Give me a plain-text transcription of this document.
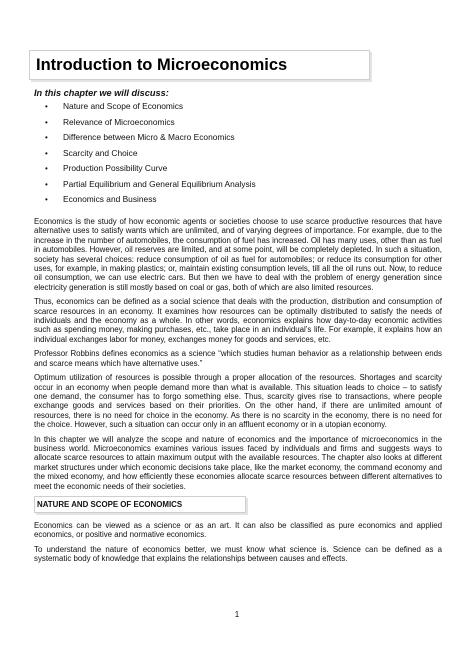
Introduction to Microeconomics
In this chapter we will discuss:
• Nature and Scope of Economics
• Relevance of Microeconomics
• Difference between Micro & Macro Economics
• Scarcity and Choice
• Production Possibility Curve
• Partial Equilibrium and General Equilibrium Analysis
• Economics and Business

Economics is the study of how economic agents or societies choose to use scarce productive resources that have alternative uses to satisfy wants which are unlimited, and of varying degrees of importance. For example, due to the increase in the number of automobiles, the consumption of fuel has increased. Oil has many uses, other than as fuel in automobiles. However, oil reserves are limited, and at some point, will be completely depleted. In such a situation, society has several choices: reduce consumption of oil as fuel for automobiles; or reduce its consumption for other uses, for example, in making plastics; or, maintain existing consumption levels, till all the oil runs out. Now, to reduce oil consumption, we can use electric cars. But then we have to deal with the problem of energy generation since electricity generation is still mostly based on coal or gas, both of which are also limited resources.

Thus, economics can be defined as a social science that deals with the production, distribution and consumption of scarce resources in an economy. It examines how resources can be optimally distributed to satisfy the needs of individuals and the economy as a whole. In other words, economics explains how day-to-day economic activities such as spending money, making purchases, etc., take place in an individual’s life. For example, it explains how an individual exchanges labor for money, exchanges money for goods and services, etc.

Professor Robbins defines economics as a science “which studies human behavior as a relationship between ends and scarce means which have alternative uses.”

Optimum utilization of resources is possible through a proper allocation of the resources. Shortages and scarcity occur in an economy when people demand more than what is available. This situation leads to choice – to satisfy one demand, the consumer has to forgo something else. Thus, scarcity gives rise to transactions, where people exchange goods and services based on their priorities. On the other hand, if there are unlimited amount of resources, there is no need for choice in the economy. As there is no scarcity in the economy, there is no need for the choice. However, such a situation can occur only in an affluent economy or in a utopian economy.

In this chapter we will analyze the scope and nature of economics and the importance of microeconomics in the business world. Microeconomics examines various issues faced by individuals and firms and suggests ways to allocate scarce resources to attain maximum output with the available resources. The chapter also looks at different market structures under which economic decisions take place, like the market economy, the command economy and the mixed economy, and how efficiently these economies allocate scarce resources between different alternatives to meet the economic needs of their societies.

NATURE AND SCOPE OF ECONOMICS

Economics can be viewed as a science or as an art. It can also be classified as pure economics and applied economics, or positive and normative economics.

To understand the nature of economics better, we must know what science is. Science can be defined as a systematic body of knowledge that explains the relationships between causes and effects.

1
